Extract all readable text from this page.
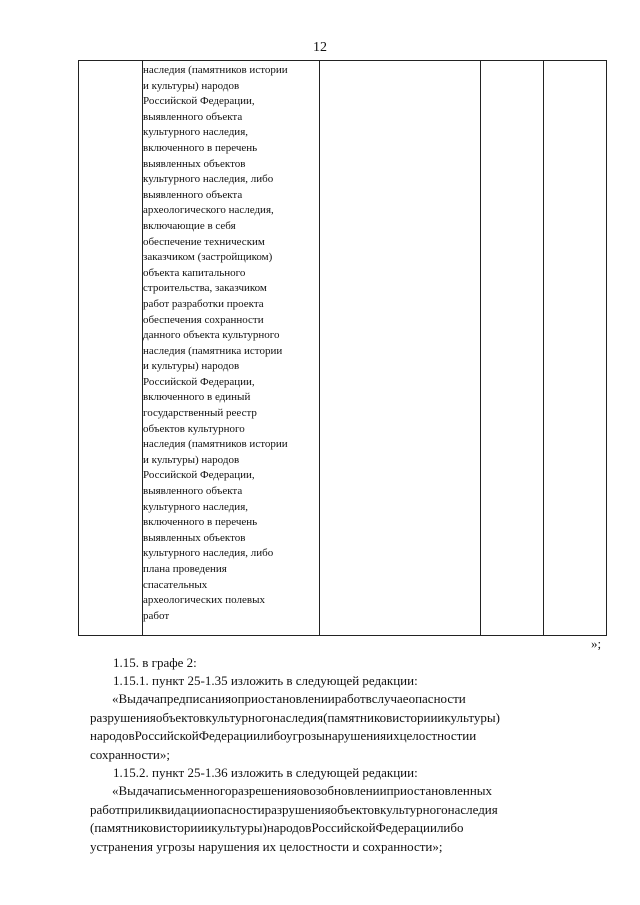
12
наследия (памятников истории
и культуры) народов
Российской Федерации,
выявленного объекта
культурного наследия,
включенного в перечень
выявленных объектов
культурного наследия, либо
выявленного объекта
археологического наследия,
включающие в себя
обеспечение техническим
заказчиком (застройщиком)
объекта капитального
строительства, заказчиком
работ разработки проекта
обеспечения сохранности
данного объекта культурного
наследия (памятника истории
и культуры) народов
Российской Федерации,
включенного в единый
государственный реестр
объектов культурного
наследия (памятников истории
и культуры) народов
Российской Федерации,
выявленного объекта
культурного наследия,
включенного в перечень
выявленных объектов
культурного наследия, либо
плана проведения
спасательных
археологических полевых
работ
»;
1.15. в графе 2:
1.15.1. пункт 25-1.35 изложить в следующей редакции:
«Выдачапредписанияоприостановленииработвслучаеопасности
разрушенияобъектовкультурногонаследия(памятниковисторииикультуры)
народовРоссийскойФедерациилибоугрозынарушенияихцелостностии
сохранности»;
1.15.2. пункт 25-1.36 изложить в следующей редакции:
«Выдачаписьменногоразрешенияовозобновленииприостановленных
работприликвидацииопасностиразрушенияобъектовкультурногонаследия
(памятниковисторииикультуры)народовРоссийскойФедерациилибо
устранения угрозы нарушения их целостности и сохранности»;
